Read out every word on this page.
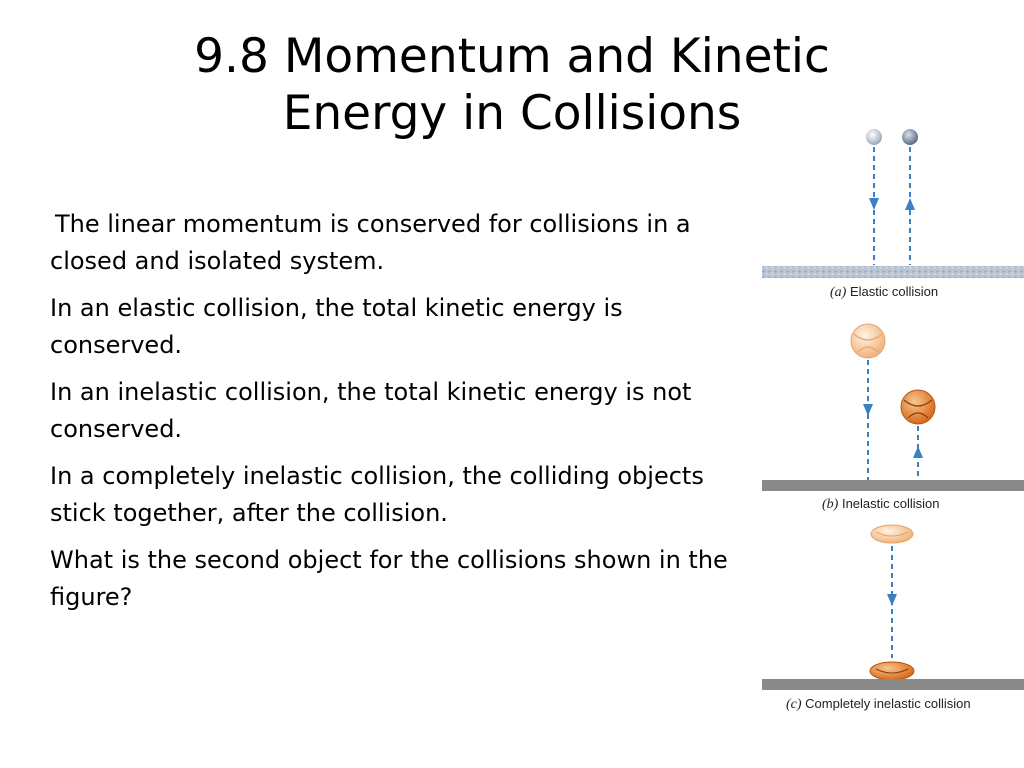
9.8 Momentum and Kinetic
Energy in Collisions

The linear momentum is conserved for collisions in a closed and isolated system.

In an elastic collision, the total kinetic energy is conserved.

In an inelastic collision, the total kinetic energy is not conserved.

In a completely inelastic collision, the colliding objects stick together, after the collision.

What is the second object for the collisions shown in the figure?

(a) Elastic collision
(b) Inelastic collision
(c) Completely inelastic collision
